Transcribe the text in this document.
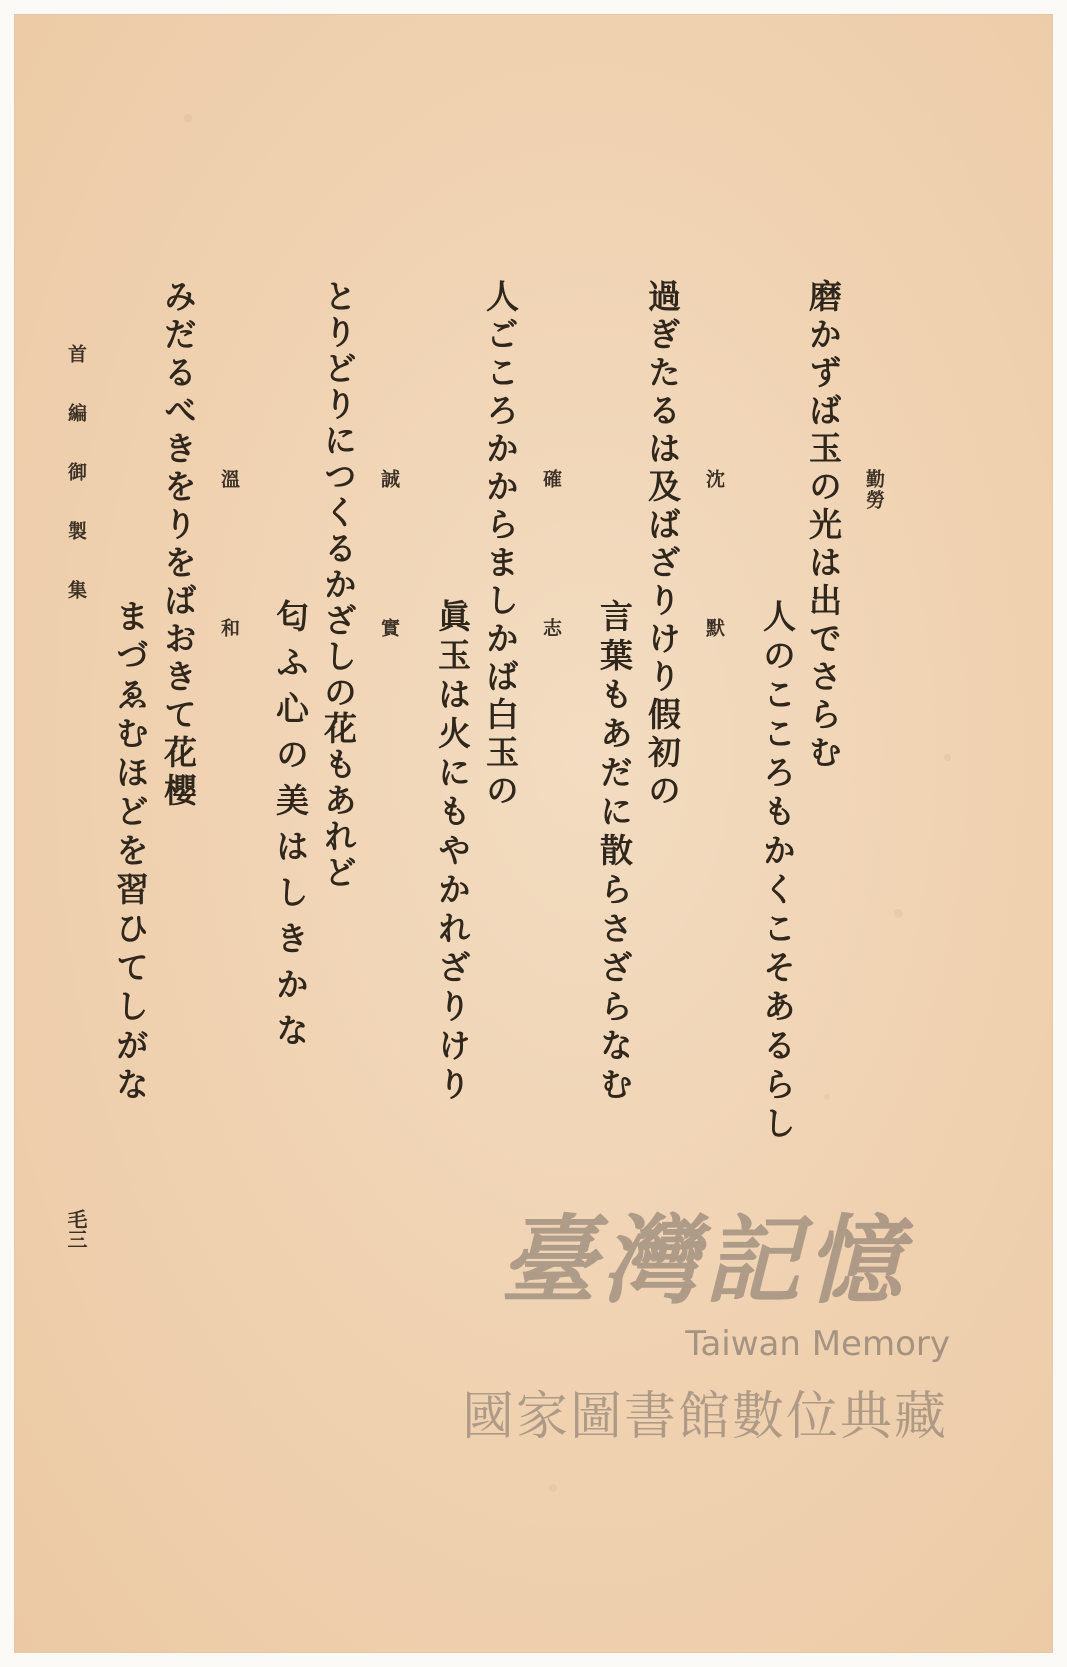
勤勞
磨かずば玉の光は出でさらむ
人のこころもかくこそあるらし
沈默
過ぎたるは及ばざりけり假初の
言葉もあだに散らさざらなむ
確志
人ごころかからましかば白玉の
眞玉は火にもやかれざりけり
誠實
とりどりにつくるかざしの花もあれど
匂ふ心の美はしきかな
溫和
みだるべきをりをばおきて花櫻
まづゑむほどを習ひてしがな
首編御製集
毛三	臺灣記憶
Taiwan Memory
國家圖書館數位典藏
